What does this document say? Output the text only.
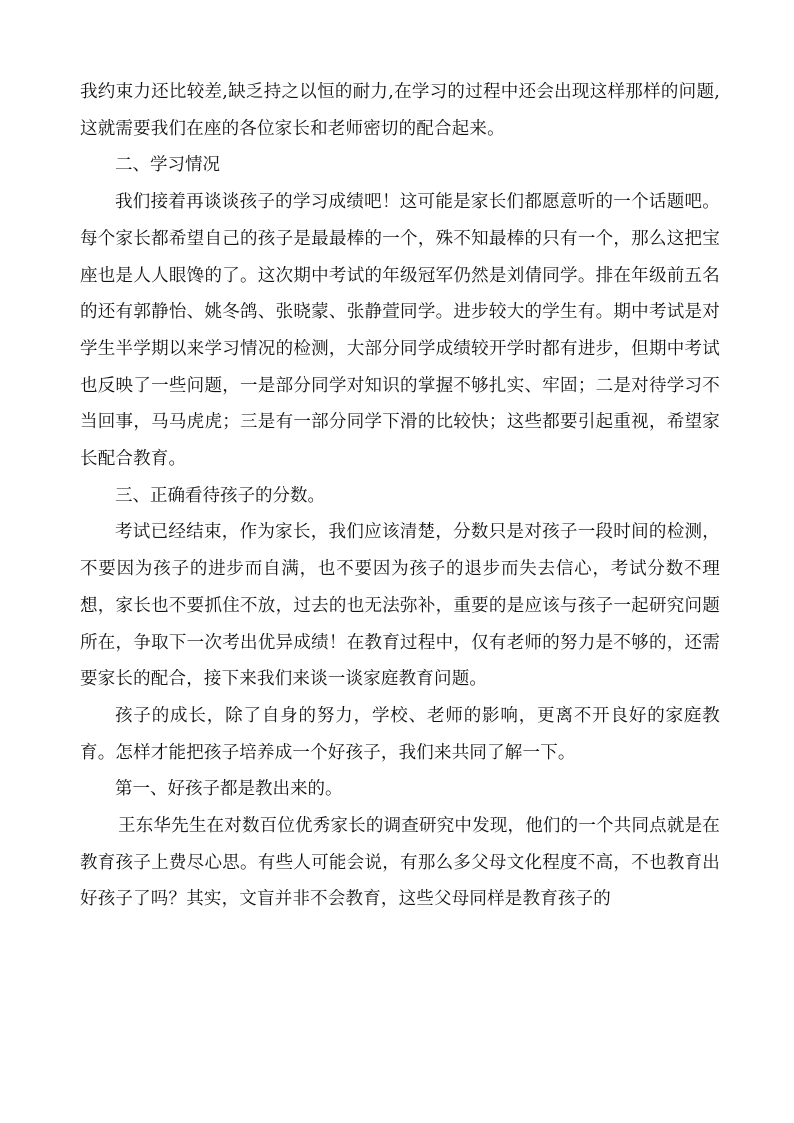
我约束力还比较差,缺乏持之以恒的耐力,在学习的过程中还会出现这样那样的问题,这就需要我们在座的各位家长和老师密切的配合起来。

二、学习情况

我们接着再谈谈孩子的学习成绩吧！这可能是家长们都愿意听的一个话题吧。每个家长都希望自己的孩子是最最棒的一个，殊不知最棒的只有一个，那么这把宝座也是人人眼馋的了。这次期中考试的年级冠军仍然是刘倩同学。排在年级前五名的还有郭静怡、姚冬鸽、张晓蒙、张静萱同学。进步较大的学生有。期中考试是对学生半学期以来学习情况的检测，大部分同学成绩较开学时都有进步，但期中考试也反映了一些问题，一是部分同学对知识的掌握不够扎实、牢固；二是对待学习不当回事，马马虎虎；三是有一部分同学下滑的比较快；这些都要引起重视，希望家长配合教育。

三、正确看待孩子的分数。

考试已经结束，作为家长，我们应该清楚，分数只是对孩子一段时间的检测，不要因为孩子的进步而自满，也不要因为孩子的退步而失去信心，考试分数不理想，家长也不要抓住不放，过去的也无法弥补，重要的是应该与孩子一起研究问题所在，争取下一次考出优异成绩！在教育过程中，仅有老师的努力是不够的，还需要家长的配合，接下来我们来谈一谈家庭教育问题。

孩子的成长，除了自身的努力，学校、老师的影响，更离不开良好的家庭教育。怎样才能把孩子培养成一个好孩子，我们来共同了解一下。

第一、好孩子都是教出来的。

王东华先生在对数百位优秀家长的调查研究中发现，他们的一个共同点就是在教育孩子上费尽心思。有些人可能会说，有那么多父母文化程度不高，不也教育出好孩子了吗？其实，文盲并非不会教育，这些父母同样是教育孩子的
